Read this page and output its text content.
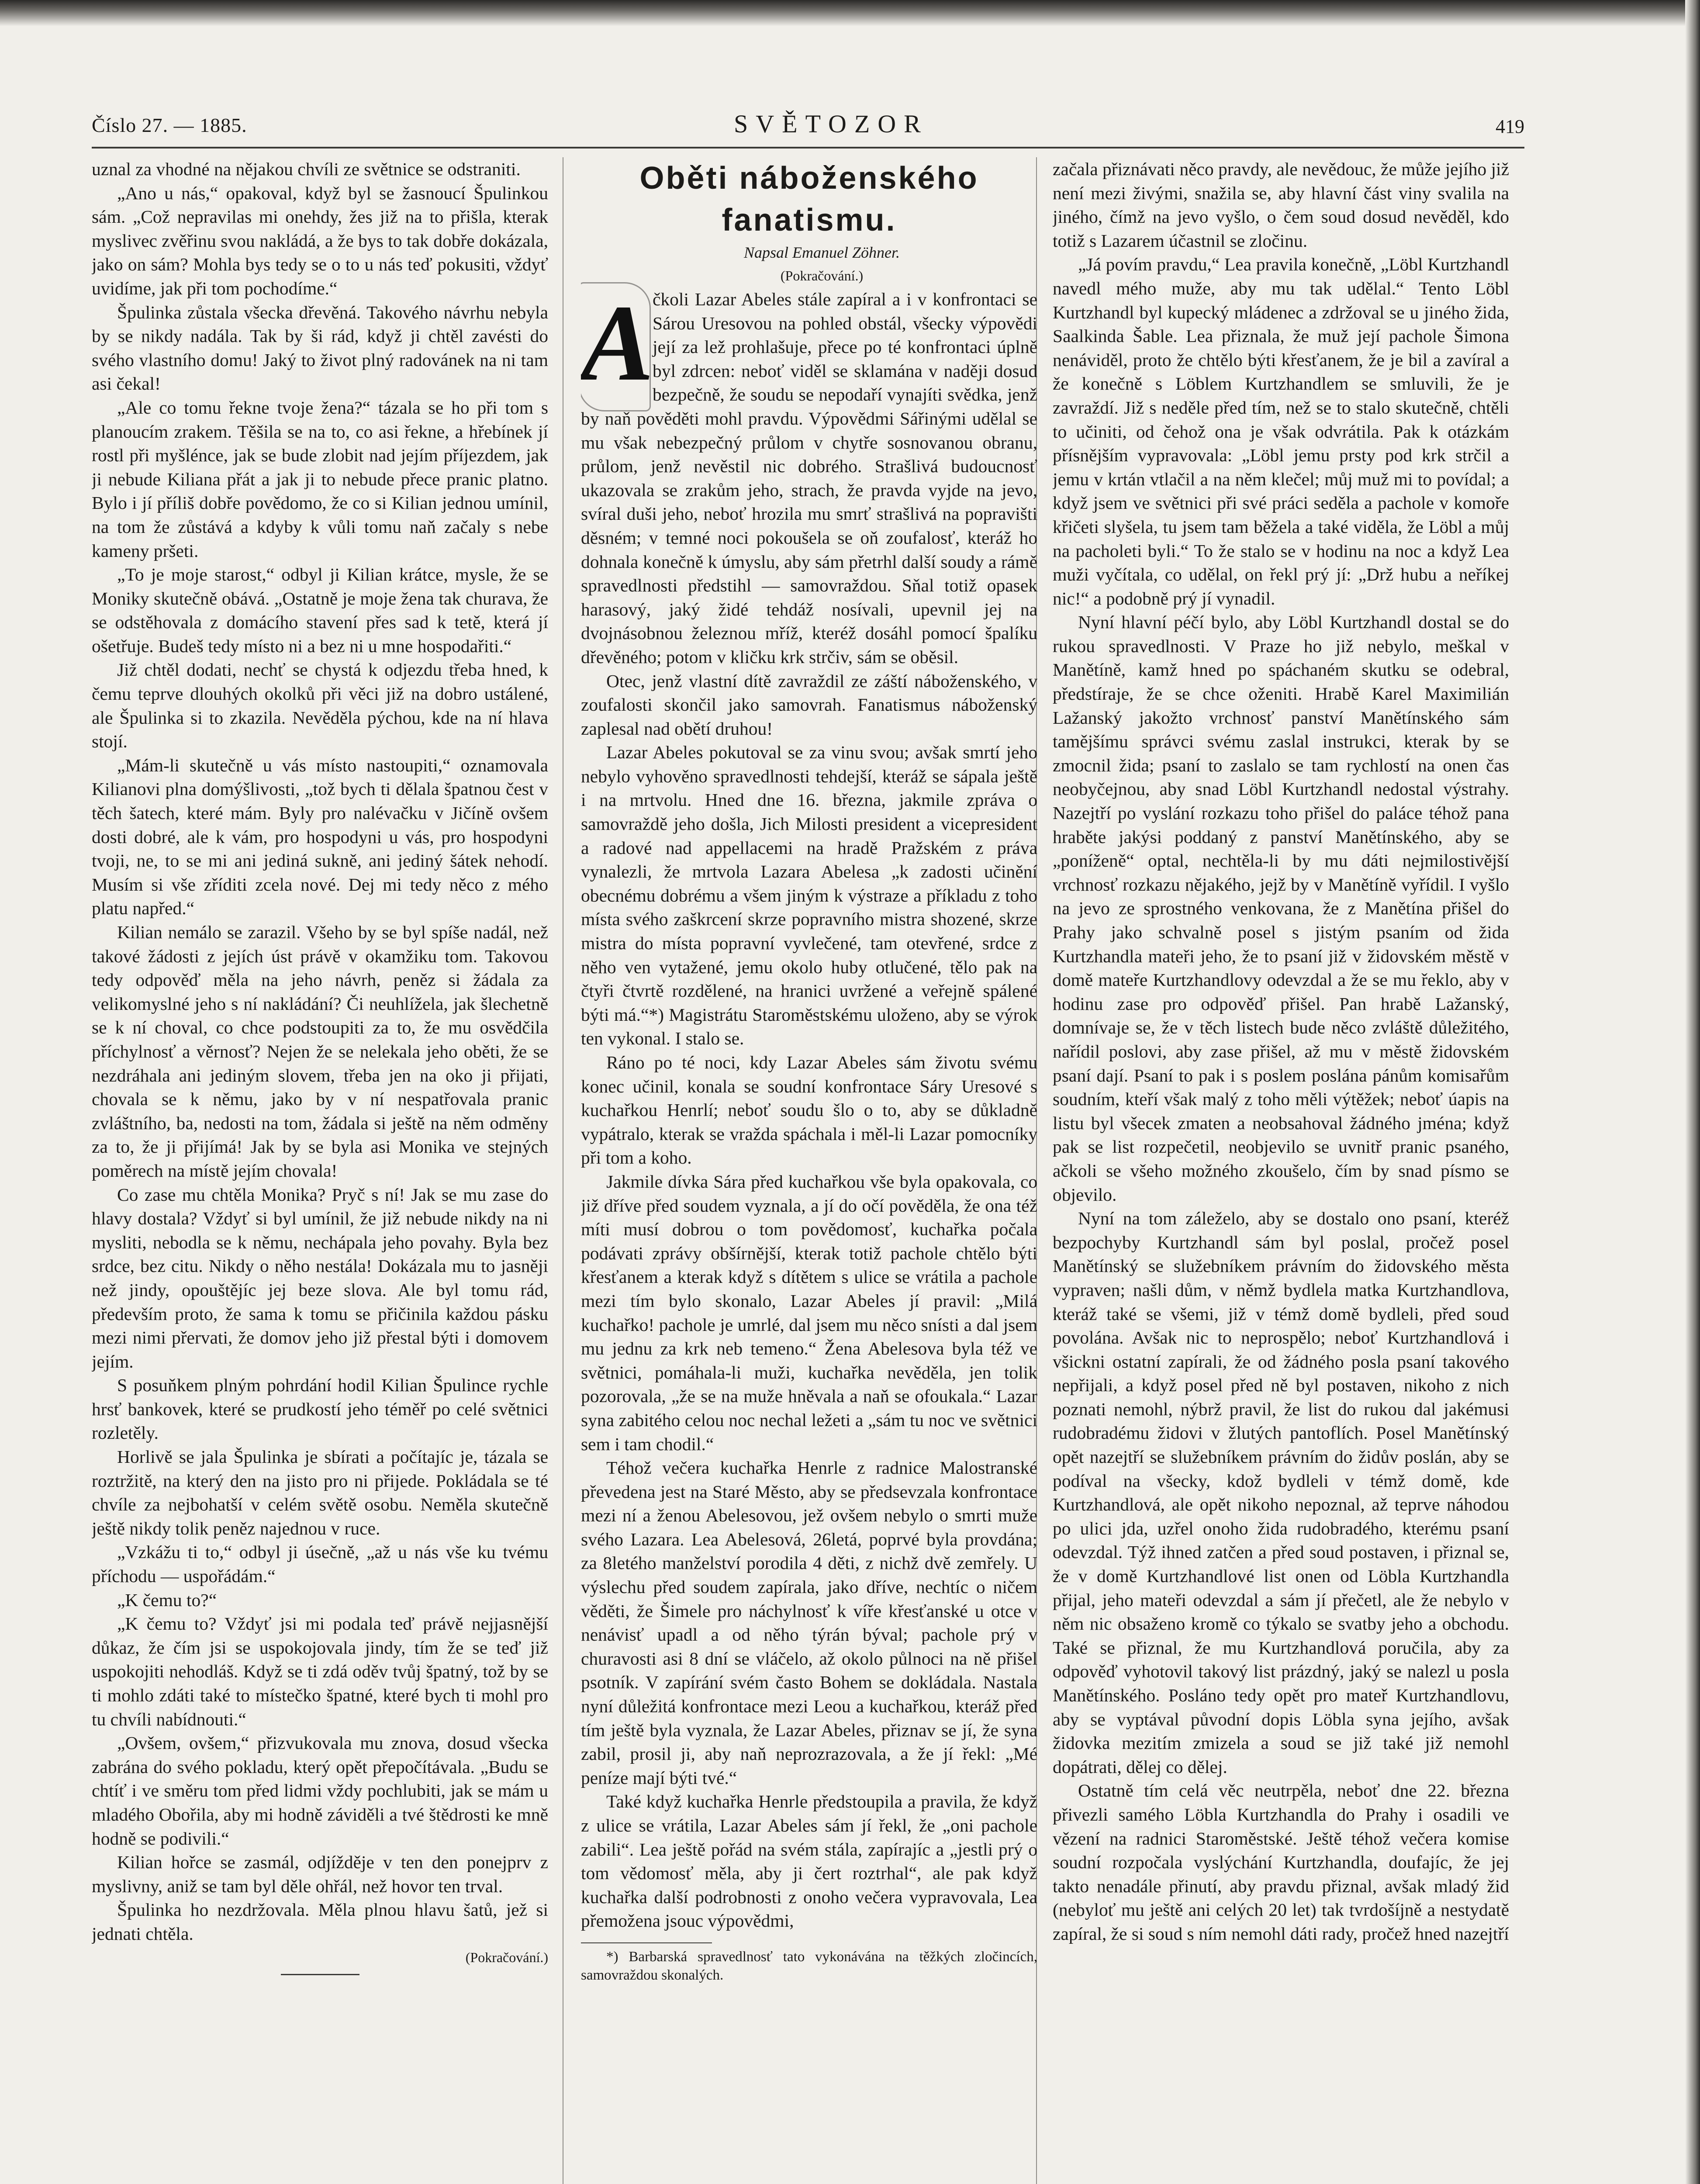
Číslo 27. — 1885.	SVĚTOZOR	419

uznal za vhodné na nějakou chvíli ze světnice se odstraniti.

„Ano u nás,“ opakoval, když byl se žasnoucí Špulinkou sám. „Což nepravilas mi onehdy, žes již na to přišla, kterak myslivec zvěřinu svou nakládá, a že bys to tak dobře dokázala, jako on sám? Mohla bys tedy se o to u nás teď pokusiti, vždyť uvidíme, jak při tom pochodíme.“

Špulinka zůstala všecka dřevěná. Takového návrhu nebyla by se nikdy nadála. Tak by ši rád, když ji chtěl zavésti do svého vlastního domu! Jaký to život plný radovánek na ni tam asi čekal!

„Ale co tomu řekne tvoje žena?“ tázala se ho při tom s planoucím zrakem. Těšila se na to, co asi řekne, a hřebínek jí rostl při myšlénce, jak se bude zlobit nad jejím příjezdem, jak ji nebude Kiliana přát a jak ji to nebude přece pranic platno. Bylo i jí příliš dobře povědomo, že co si Kilian jednou umínil, na tom že zůstává a kdyby k vůli tomu naň začaly s nebe kameny pršeti.

„To je moje starost,“ odbyl ji Kilian krátce, mysle, že se Moniky skutečně obává. „Ostatně je moje žena tak churava, že se odstěhovala z domácího stavení přes sad k tetě, která jí ošetřuje. Budeš tedy místo ni a bez ni u mne hospodařiti.“

Již chtěl dodati, nechť se chystá k odjezdu třeba hned, k čemu teprve dlouhých okolků při věci již na dobro ustálené, ale Špulinka si to zkazila. Nevěděla pýchou, kde na ní hlava stojí.

„Mám-li skutečně u vás místo nastoupiti,“ oznamovala Kilianovi plna domýšlivosti, „tož bych ti dělala špatnou čest v těch šatech, které mám. Byly pro nalévačku v Jičíně ovšem dosti dobré, ale k vám, pro hospodyni u vás, pro hospodyni tvoji, ne, to se mi ani jediná sukně, ani jediný šátek nehodí. Musím si vše zříditi zcela nové. Dej mi tedy něco z mého platu napřed.“

Kilian nemálo se zarazil. Všeho by se byl spíše nadál, než takové žádosti z jejích úst právě v okamžiku tom. Takovou tedy odpověď měla na jeho návrh, peněz si žádala za velikomyslné jeho s ní nakládání? Či neuhlížela, jak šlechetně se k ní choval, co chce podstoupiti za to, že mu osvědčila příchylnosť a věrnosť? Nejen že se nelekala jeho oběti, že se nezdráhala ani jediným slovem, třeba jen na oko ji přijati, chovala se k němu, jako by v ní nespatřovala pranic zvláštního, ba, nedosti na tom, žádala si ještě na něm odměny za to, že ji přijímá! Jak by se byla asi Monika ve stejných poměrech na místě jejím chovala!

Co zase mu chtěla Monika? Pryč s ní! Jak se mu zase do hlavy dostala? Vždyť si byl umínil, že již nebude nikdy na ni mysliti, nebodla se k němu, nechápala jeho povahy. Byla bez srdce, bez citu. Nikdy o něho nestála! Dokázala mu to jasněji než jindy, opouštějíc jej beze slova. Ale byl tomu rád, především proto, že sama k tomu se přičinila každou pásku mezi nimi přervati, že domov jeho již přestal býti i domovem jejím.

S posuňkem plným pohrdání hodil Kilian Špulince rychle hrsť bankovek, které se prudkostí jeho téměř po celé světnici rozletěly.

Horlivě se jala Špulinka je sbírati a počítajíc je, tázala se roztržitě, na který den na jisto pro ni přijede. Pokládala se té chvíle za nejbohatší v celém světě osobu. Neměla skutečně ještě nikdy tolik peněz najednou v ruce.

„Vzkážu ti to,“ odbyl ji úsečně, „až u nás vše ku tvému příchodu — uspořádám.“

„K čemu to?“

„K čemu to? Vždyť jsi mi podala teď právě nejjasnější důkaz, že čím jsi se uspokojovala jindy, tím že se teď již uspokojiti nehodláš. Když se ti zdá oděv tvůj špatný, tož by se ti mohlo zdáti také to místečko špatné, které bych ti mohl pro tu chvíli nabídnouti.“

„Ovšem, ovšem,“ přizvukovala mu znova, dosud všecka zabrána do svého pokladu, který opět přepočítávala. „Budu se chtíť i ve směru tom před lidmi vždy pochlubiti, jak se mám u mladého Obořila, aby mi hodně záviděli a tvé štědrosti ke mně hodně se podivili.“

Kilian hořce se zasmál, odjížděje v ten den ponejprv z myslivny, aniž se tam byl děle ohřál, než hovor ten trval.

Špulinka ho nezdržovala. Měla plnou hlavu šatů, jež si jednati chtěla.

(Pokračování.)
Oběti náboženského fanatismu.

Napsal Emanuel Zöhner.

(Pokračování.)

A
čkoli Lazar Abeles stále zapíral a i v konfrontaci se Sárou Uresovou na pohled obstál, všecky výpovědi její za lež prohlašuje, přece po té konfrontaci úplně byl zdrcen: neboť viděl se sklamána v naději dosud bezpečně, že soudu se nepodaří vynajíti svědka, jenž by naň pověděti mohl pravdu. Výpovědmi Sářinými udělal se mu však nebezpečný průlom v chytře sosnovanou obranu, průlom, jenž nevěstil nic dobrého. Strašlivá budoucnosť ukazovala se zrakům jeho, strach, že pravda vyjde na jevo, svíral duši jeho, neboť hrozila mu smrť strašlivá na popravišti děsném; v temné noci pokoušela se oň zoufalosť, kteráž ho dohnala konečně k úmyslu, aby sám přetrhl další soudy a rámě spravedlnosti předstihl — samovraždou. Sňal totiž opasek harasový, jaký židé tehdáž nosívali, upevnil jej na dvojnásobnou železnou mříž, kteréž dosáhl pomocí špalíku dřevěného; potom v kličku krk strčiv, sám se oběsil.

Otec, jenž vlastní dítě zavraždil ze záští náboženského, v zoufalosti skončil jako samovrah. Fanatismus náboženský zaplesal nad obětí druhou!

Lazar Abeles pokutoval se za vinu svou; avšak smrtí jeho nebylo vyhověno spravedlnosti tehdejší, kteráž se sápala ještě i na mrtvolu. Hned dne 16. března, jakmile zpráva o samovraždě jeho došla, Jich Milosti president a vicepresident a radové nad appellacemi na hradě Pražském z práva vynalezli, že mrtvola Lazara Abelesa „k zadosti učinění obecnému dobrému a všem jiným k výstraze a příkladu z toho místa svého zaškrcení skrze popravního mistra shozené, skrze mistra do místa popravní vyvlečené, tam otevřené, srdce z něho ven vytažené, jemu okolo huby otlučené, tělo pak na čtyři čtvrtě rozdělené, na hranici uvržené a veřejně spálené býti má.“*) Magistrátu Staroměstskému uloženo, aby se výrok ten vykonal. I stalo se.

Ráno po té noci, kdy Lazar Abeles sám životu svému konec učinil, konala se soudní konfrontace Sáry Uresové s kuchařkou Henrlí; neboť soudu šlo o to, aby se důkladně vypátralo, kterak se vražda spáchala i měl-li Lazar pomocníky při tom a koho.

Jakmile dívka Sára před kuchařkou vše byla opakovala, co již dříve před soudem vyznala, a jí do očí pověděla, že ona též míti musí dobrou o tom povědomosť, kuchařka počala podávati zprávy obšírnější, kterak totiž pachole chtělo býti křesťanem a kterak když s dítětem s ulice se vrátila a pachole mezi tím bylo skonalo, Lazar Abeles jí pravil: „Milá kuchařko! pachole je umrlé, dal jsem mu něco snísti a dal jsem mu jednu za krk neb temeno.“ Žena Abelesova byla též ve světnici, pomáhala-li muži, kuchařka nevěděla, jen tolik pozorovala, „že se na muže hněvala a naň se ofoukala.“ Lazar syna zabitého celou noc nechal ležeti a „sám tu noc ve světnici sem i tam chodil.“

Téhož večera kuchařka Henrle z radnice Malostranské převedena jest na Staré Město, aby se předsevzala konfrontace mezi ní a ženou Abelesovou, jež ovšem nebylo o smrti muže svého Lazara. Lea Abelesová, 26letá, poprvé byla provdána; za 8letého manželství porodila 4 děti, z nichž dvě zemřely. U výslechu před soudem zapírala, jako dříve, nechtíc o ničem věděti, že Šimele pro náchylnosť k víře křesťanské u otce v nenávisť upadl a od něho týrán býval; pachole prý v churavosti asi 8 dní se vláčelo, až okolo půlnoci na ně přišel psotník. V zapírání svém často Bohem se dokládala. Nastala nyní důležitá konfrontace mezi Leou a kuchařkou, kteráž před tím ještě byla vyznala, že Lazar Abeles, přiznav se jí, že syna zabil, prosil ji, aby naň neprozrazovala, a že jí řekl: „Mé peníze mají býti tvé.“

Také když kuchařka Henrle předstoupila a pravila, že když z ulice se vrátila, Lazar Abeles sám jí řekl, že „oni pachole zabili“. Lea ještě pořád na svém stála, zapírajíc a „jestli prý o tom vědomosť měla, aby ji čert roztrhal“, ale pak když kuchařka další podrobnosti z onoho večera vypravovala, Lea přemožena jsouc výpovědmi,

*) Barbarská spravedlnosť tato vykonávána na těžkých zločincích, samovraždou skonalých.

začala přiznávati něco pravdy, ale nevědouc, že může jejího již není mezi živými, snažila se, aby hlavní část viny svalila na jiného, čímž na jevo vyšlo, o čem soud dosud nevěděl, kdo totiž s Lazarem účastnil se zločinu.

„Já povím pravdu,“ Lea pravila konečně, „Löbl Kurtzhandl navedl mého muže, aby mu tak udělal.“ Tento Löbl Kurtzhandl byl kupecký mládenec a zdržoval se u jiného žida, Saalkinda Šable. Lea přiznala, že muž její pachole Šimona nenáviděl, proto že chtělo býti křesťanem, že je bil a zavíral a že konečně s Löblem Kurtzhandlem se smluvili, že je zavraždí. Již s neděle před tím, než se to stalo skutečně, chtěli to učiniti, od čehož ona je však odvrátila. Pak k otázkám přísnějším vypravovala: „Löbl jemu prsty pod krk strčil a jemu v krtán vtlačil a na něm klečel; můj muž mi to povídal; a když jsem ve světnici při své práci seděla a pachole v komoře křičeti slyšela, tu jsem tam běžela a také viděla, že Löbl a můj na pacholeti byli.“ To že stalo se v hodinu na noc a když Lea muži vyčítala, co udělal, on řekl prý jí: „Drž hubu a neříkej nic!“ a podobně prý jí vynadil.

Nyní hlavní péčí bylo, aby Löbl Kurtzhandl dostal se do rukou spravedlnosti. V Praze ho již nebylo, meškal v Manětíně, kamž hned po spáchaném skutku se odebral, předstíraje, že se chce oženiti. Hrabě Karel Maximilián Lažanský jakožto vrchnosť panství Manětínského sám tamějšímu správci svému zaslal instrukci, kterak by se zmocnil žida; psaní to zaslalo se tam rychlostí na onen čas neobyčejnou, aby snad Löbl Kurtzhandl nedostal výstrahy. Nazejtří po vyslání rozkazu toho přišel do paláce téhož pana hraběte jakýsi poddaný z panství Manětínského, aby se „poníženě“ optal, nechtěla-li by mu dáti nejmilostivější vrchnosť rozkazu nějakého, jejž by v Manětíně vyřídil. I vyšlo na jevo ze sprostného venkovana, že z Manětína přišel do Prahy jako schvalně posel s jistým psaním od žida Kurtzhandla mateři jeho, že to psaní již v židovském městě v domě mateře Kurtzhandlovy odevzdal a že se mu řeklo, aby v hodinu zase pro odpověď přišel. Pan hrabě Lažanský, domnívaje se, že v těch listech bude něco zvláště důležitého, nařídil poslovi, aby zase přišel, až mu v městě židovském psaní dají. Psaní to pak i s poslem poslána pánům komisařům soudním, kteří však malý z toho měli výtěžek; neboť úapis na listu byl všecek zmaten a neobsahoval žádného jména; když pak se list rozpečetil, neobjevilo se uvnitř pranic psaného, ačkoli se všeho možného zkoušelo, čím by snad písmo se objevilo.

Nyní na tom záleželo, aby se dostalo ono psaní, kteréž bezpochyby Kurtzhandl sám byl poslal, pročež posel Manětínský se služebníkem právním do židovského města vypraven; našli dům, v němž bydlela matka Kurtzhandlova, kteráž také se všemi, již v témž domě bydleli, před soud povolána. Avšak nic to neprospělo; neboť Kurtzhandlová i všickni ostatní zapírali, že od žádného posla psaní takového nepřijali, a když posel před ně byl postaven, nikoho z nich poznati nemohl, nýbrž pravil, že list do rukou dal jakémusi rudobradému židovi v žlutých pantoflích. Posel Manětínský opět nazejtří se služebníkem právním do židův poslán, aby se podíval na všecky, kdož bydleli v témž domě, kde Kurtzhandlová, ale opět nikoho nepoznal, až teprve náhodou po ulici jda, uzřel onoho žida rudobradého, kterému psaní odevzdal. Týž ihned zatčen a před soud postaven, i přiznal se, že v domě Kurtzhandlové list onen od Löbla Kurtzhandla přijal, jeho mateři odevzdal a sám jí přečetl, ale že nebylo v něm nic obsaženo kromě co týkalo se svatby jeho a obchodu. Také se přiznal, že mu Kurtzhandlová poručila, aby za odpověď vyhotovil takový list prázdný, jaký se nalezl u posla Manětínského. Posláno tedy opět pro mateř Kurtzhandlovu, aby se vyptával původní dopis Löbla syna jejího, avšak židovka mezitím zmizela a soud se již také již nemohl dopátrati, dělej co dělej.

Ostatně tím celá věc neutrpěla, neboť dne 22. března přivezli samého Löbla Kurtzhandla do Prahy i osadili ve vězení na radnici Staroměstské. Ještě téhož večera komise soudní rozpočala vyslýchání Kurtzhandla, doufajíc, že jej takto nenadále přinutí, aby pravdu přiznal, avšak mladý žid (nebyloť mu ještě ani celých 20 let) tak tvrdošíjně a nestydatě zapíral, že si soud s ním nemohl dáti rady, pročež hned nazejtří
